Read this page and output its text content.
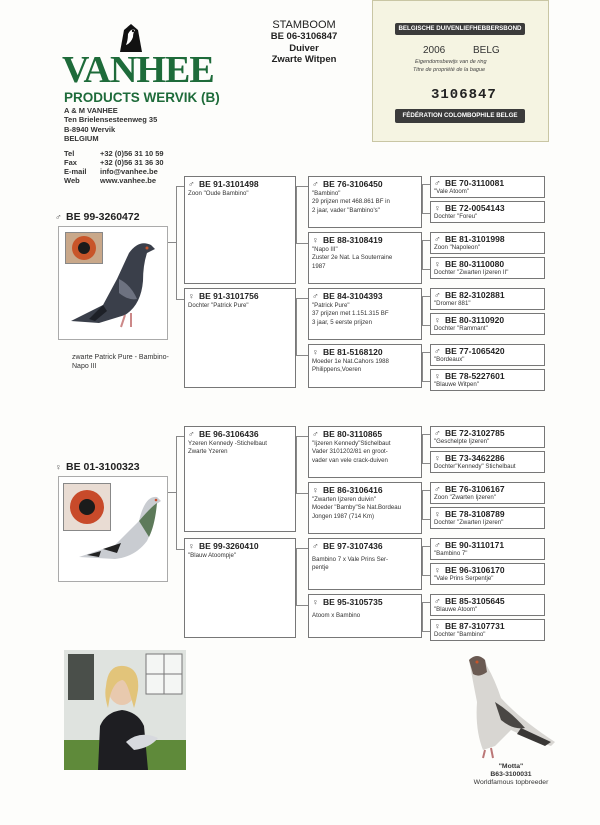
VANHEE
PRODUCTS WERVIK (B)
A & M VANHEE
Ten Brielensesteenweg 35
B-8940 Wervik
BELGIUM
Tel	+32 (0)56 31 10 59
Fax	+32 (0)56 31 36 30
E-mail info@vanhee.be
Web	www.vanhee.be
STAMBOOM
BE 06-3106847
Duiver
Zwarte Witpen
BELGISCHE DUIVENLIEFHEBBERSBOND
2006	BELG
Eigendomsbewijs van de ring
Titre de propriété de la bague
3106847
FÉDÉRATION COLOMBOPHILE BELGE
♂ BE 99-3260472
zwarte Patrick Pure - Bambino- Napo III
♀ BE 01-3100323
♂ BE 91-3101498
Zoon "Oude Bambino"
♀ BE 91-3101756
Dochter "Patrick Pure"
♂ BE 96-3106436
Yzeren Kennedy -Stichelbaut
Zwarte Yzeren
♀ BE 99-3260410
"Blauw Atoompje"
♂ BE 76-3106450
"Bambino"
29 prijzen met 468.861 BF in
2 jaar, vader "Bambino's"
♀ BE 88-3108419
"Napo III"
Zuster 2e Nat. La Souterraine
1987
♂ BE 84-3104393
"Patrick Pure"
37 prijzen met 1.151.315 BF
3 jaar, 5 eerste prijzen
♀ BE 81-5168120
Moeder 1e Nat.Cahors 1988
Philippens,Voeren
♂ BE 80-3110865
"Ijzeren Kennedy"Stichelbaut
Vader 3101202/81 en groot-
vader van vele crack-duiven
♀ BE 86-3106416
"Zwarten Ijzeren duivin"
Moeder "Bamby"Se Nat.Bordeau
Jongen 1987 (714 Km)
♂ BE 97-3107436
Bambino 7 x Vale Prins Ser-
pentje
♀ BE 95-3105735
Atoom x Bambino
♂ BE 70-3110081
"Vale Atoom"
♀ BE 72-0054143
Dochter "Foreu"
♂ BE 81-3101998
Zoon "Napoleon"
♀ BE 80-3110080
Dochter "Zwarten Ijzeren II"
♂ BE 82-3102881
"Dromer 881"
♀ BE 80-3110920
Dochter "Rammant"
♂ BE 77-1065420
"Bordeaux"
♀ BE 78-5227601
"Blauwe Witpen"
♂ BE 72-3102785
"Geschelpte Ijzeren"
♀ BE 73-3462286
Dochter"Kennedy" Stichelbaut
♂ BE 76-3106167
Zoon "Zwarten Ijzeren"
♀ BE 78-3108789
Dochter "Zwarten Ijzeren"
♂ BE 90-3110171
"Bambino 7"
♀ BE 96-3106170
"Vale Prins Serpentje"
♂ BE 85-3105645
"Blauwe Atoom"
♀ BE 87-3107731
Dochter "Bambino"
"Motta"
B63-3100031
Worldfamous topbreeder
